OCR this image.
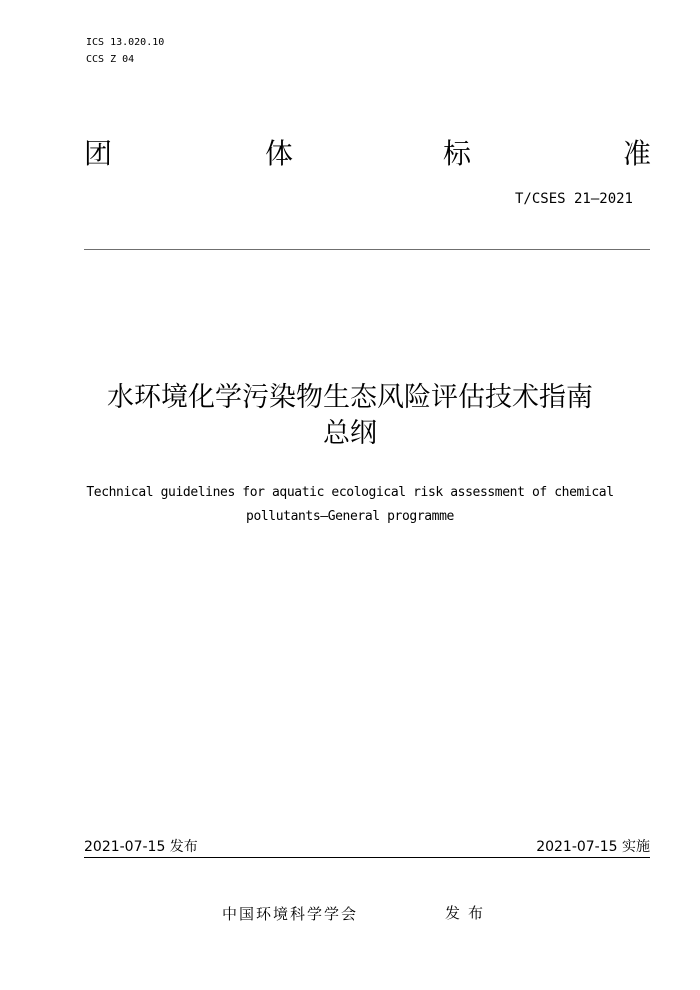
ICS 13.020.10
CCS Z 04
团	体	标	准
T/CSES 21—2021
水环境化学污染物生态风险评估技术指南
总纲
Technical guidelines for aquatic ecological risk assessment of chemical
pollutants—General programme
2021-07-15 发布	2021-07-15 实施
中国环境科学学会	发布
